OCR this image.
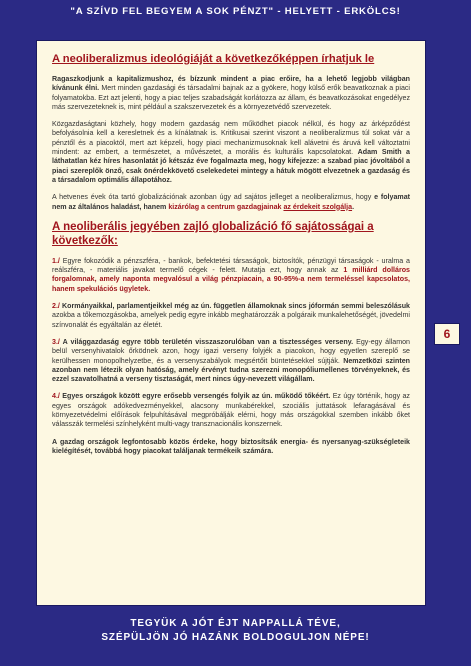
"A SZÍVD FEL BEGYEM A SOK PÉNZT" - HELYETT - ERKÖLCS!
A neoliberalizmus ideológiáját a következőképpen írhatjuk le

Ragaszkodjunk a kapitalizmushoz, és bízzunk mindent a piac erőire, ha a lehető legjobb világban kívánunk élni. Mert minden gazdasági és társadalmi bajnak az a gyökere, hogy külső erők beavatkoznak a piaci folyamatokba. Ezt azt jelenti, hogy a piac teljes szabadságát korlátozza az állam, és beavatkozásokat engedélyez más szervezeteknek is, mint például a szakszervezetek és a környezetvédő szervezetek.

Közgazdaságtani közhely, hogy modern gazdaság nem működhet piacok nélkül, és hogy az árképződést befolyásolnia kell a keresletnek és a kínálatnak is. Kritikusai szerint viszont a neoliberalizmus túl sokat vár a pénztől és a piacoktól, mert azt képzeli, hogy piaci mechanizmusoknak kell alávetni és áruvá kell változtatni mindent: az embert, a természetet, a művészetet, a morális és kulturális kapcsolatokat. Adam Smith a láthatatlan kéz híres hasonlatát jó kétszáz éve fogalmazta meg, hogy kifejezze: a szabad piac jóvoltából a piaci szereplők önző, csak önérdekkövető cselekedetei mintegy a hátuk mögött elvezetnek a gazdaság és a társadalom optimális állapotához.

A hetvenes évek óta tartó globalizációnak azonban úgy ad sajátos jelleget a neoliberalizmus, hogy e folyamat nem az általános haladást, hanem kizárólag a centrum gazdagjainak az érdekeit szolgálja.

A neoliberális jegyében zajló globalizáció fő sajátosságai a következők:

1./ Egyre fokozódik a pénzszféra, - bankok, befektetési társaságok, biztosítók, pénzügyi társaságok - uralma a reálszféra, - materiális javakat termelő cégek - felett. Mutatja ezt, hogy annak az 1 milliárd dolláros forgalomnak, amely naponta megvalósul a világ pénzpiacain, a 90-95%-a nem termeléssel kapcsolatos, hanem spekulációs ügyletek.

2./ Kormányaikkal, parlamentjeikkel még az ún. független államoknak sincs jóformán semmi beleszólásuk azokba a tőkemozgásokba, amelyek pedig egyre inkább meghatározzák a polgáraik munkalehetőségét, jövedelmi színvonalát és egyáltalán az életét.

3./ A világgazdaság egyre több területén visszaszorulóban van a tisztességes verseny. Egy-egy államon belül versenyhivatalok őrködnek azon, hogy igazi verseny folyjék a piacokon, hogy egyetlen szereplő se kerülhessen monopolhelyzetbe, és a versenyszabályok megsértőit büntetésekkel sújtják. Nemzetközi szinten azonban nem létezik olyan hatóság, amely érvényt tudna szerezni monopóliumellenes törvényeknek, és ezzel szavatolhatná a verseny tisztaságát, mert nincs úgy-nevezett világállam.

4./ Egyes országok között egyre erősebb versengés folyik az ún. működő tőkéért. Ez úgy történik, hogy az egyes országok adókedvezményekkel, alacsony munkabérekkel, szociális juttatások lefaragásával és környezetvédelmi előírások felpuhításával megpróbálják elérni, hogy más országokkal szemben inkább őket válasszák termelési színhelyként multi-vagy transznacionális konszernek.

A gazdag országok legfontosabb közös érdeke, hogy biztosítsák energia- és nyersanyag-szükségleteik kielégítését, továbbá hogy piacokat találjanak termékeik számára.

6
TEGYÜK A JÓT ÉJT NAPPALLÁ TÉVE,
SZÉPÜLJÖN JÓ HAZÁNK BOLDOGULJON NÉPE!
